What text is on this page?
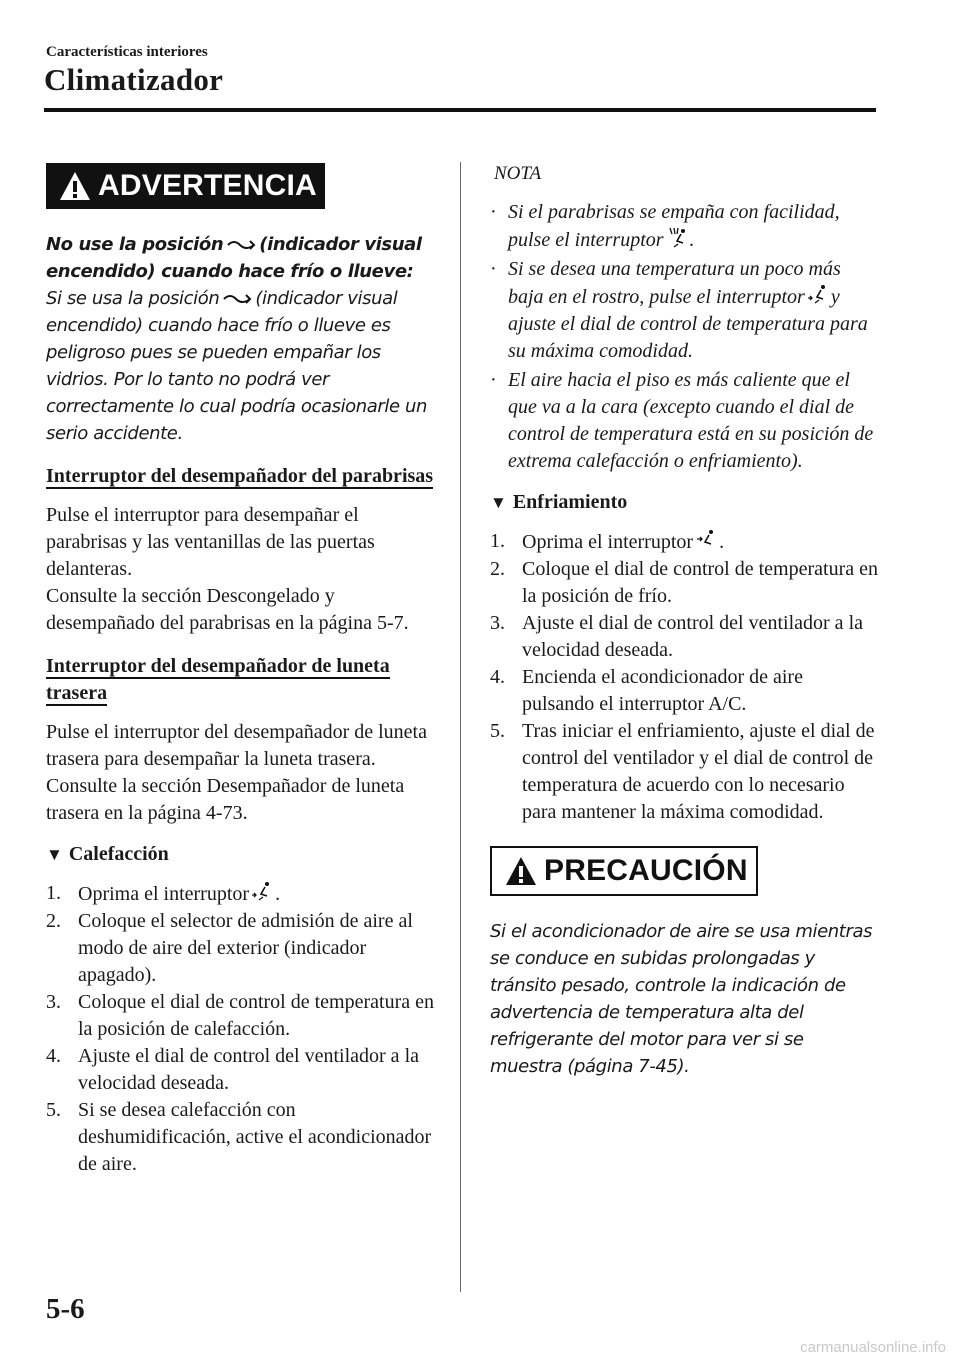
Características interiores
Climatizador
ADVERTENCIA
No use la posición (indicador visual encendido) cuando hace frío o llueve:
Si se usa la posición (indicador visual encendido) cuando hace frío o llueve es peligroso pues se pueden empañar los vidrios. Por lo tanto no podrá ver correctamente lo cual podría ocasionarle un serio accidente.
Interruptor del desempañador del parabrisas
Pulse el interruptor para desempañar el parabrisas y las ventanillas de las puertas delanteras.
Consulte la sección Descongelado y desempañado del parabrisas en la página 5-7.
Interruptor del desempañador de luneta trasera
Pulse el interruptor del desempañador de luneta trasera para desempañar la luneta trasera.
Consulte la sección Desempañador de luneta trasera en la página 4-73.
▼ Calefacción
1. Oprima el interruptor .
2. Coloque el selector de admisión de aire al modo de aire del exterior (indicador apagado).
3. Coloque el dial de control de temperatura en la posición de calefacción.
4. Ajuste el dial de control del ventilador a la velocidad deseada.
5. Si se desea calefacción con deshumidificación, active el acondicionador de aire.
NOTA
· Si el parabrisas se empaña con facilidad, pulse el interruptor .
· Si se desea una temperatura un poco más baja en el rostro, pulse el interruptor y ajuste el dial de control de temperatura para su máxima comodidad.
· El aire hacia el piso es más caliente que el que va a la cara (excepto cuando el dial de control de temperatura está en su posición de extrema calefacción o enfriamiento).
▼ Enfriamiento
1. Oprima el interruptor .
2. Coloque el dial de control de temperatura en la posición de frío.
3. Ajuste el dial de control del ventilador a la velocidad deseada.
4. Encienda el acondicionador de aire pulsando el interruptor A/C.
5. Tras iniciar el enfriamiento, ajuste el dial de control del ventilador y el dial de control de temperatura de acuerdo con lo necesario para mantener la máxima comodidad.
PRECAUCIÓN
Si el acondicionador de aire se usa mientras se conduce en subidas prolongadas y tránsito pesado, controle la indicación de advertencia de temperatura alta del refrigerante del motor para ver si se muestra (página 7-45).
5-6
carmanualsonline.info
